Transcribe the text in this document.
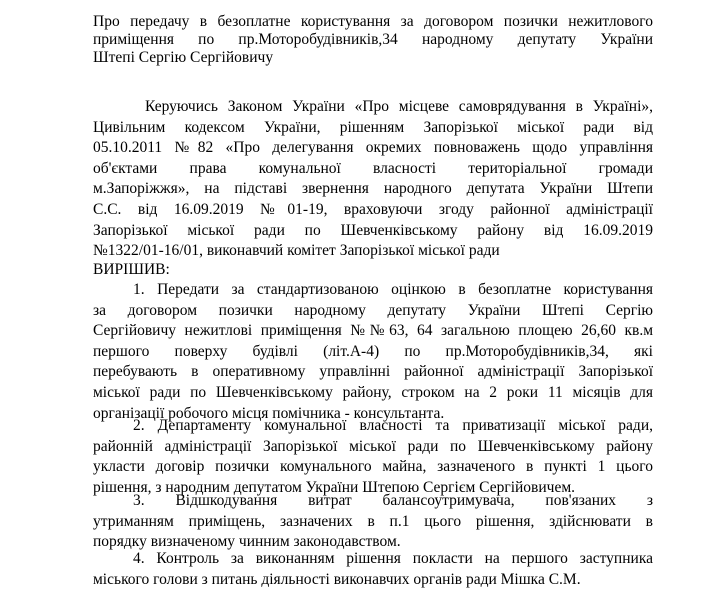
Про передачу в безоплатне користування за договором позички нежитлового
приміщення по пр.Моторобудівників,34 народному депутату України
Штепі Сергію Сергійовичу
Керуючись Законом України «Про місцеве самоврядування в Україні»,
Цивільним кодексом України, рішенням Запорізької міської ради від
05.10.2011 №82 «Про делегування окремих повноважень щодо управління
об'єктами права комунальної власності територіальної громади
м.Запоріжжя», на підставі звернення народного депутата України Штепи
С.С. від 16.09.2019 №01-19, враховуючи згоду районної адміністрації
Запорізької міської ради по Шевченківському району від 16.09.2019
№1322/01-16/01, виконавчий комітет Запорізької міської ради
ВИРІШИВ:
1. Передати за стандартизованою оцінкою в безоплатне користування
за договором позички народному депутату України Штепі Сергію
Сергійовичу нежитлові приміщення №№63, 64 загальною площею 26,60 кв.м
першого поверху будівлі (літ.А-4) по пр.Моторобудівників,34, які
перебувають в оперативному управлінні районної адміністрації Запорізької
міської ради по Шевченківському району, строком на 2 роки 11 місяців для
організації робочого місця помічника - консультанта.
2. Департаменту комунальної власності та приватизації міської ради,
районній адміністрації Запорізької міської ради по Шевченківському району
укласти договір позички комунального майна, зазначеного в пункті 1 цього
рішення, з народним депутатом України Штепою Сергієм Сергійовичем.
3. Відшкодування витрат балансоутримувача, пов'язаних з
утриманням приміщень, зазначених в п.1 цього рішення, здійснювати в
порядку визначеному чинним законодавством.
4. Контроль за виконанням рішення покласти на першого заступника
міського голови з питань діяльності виконавчих органів ради Мішка С.М.
